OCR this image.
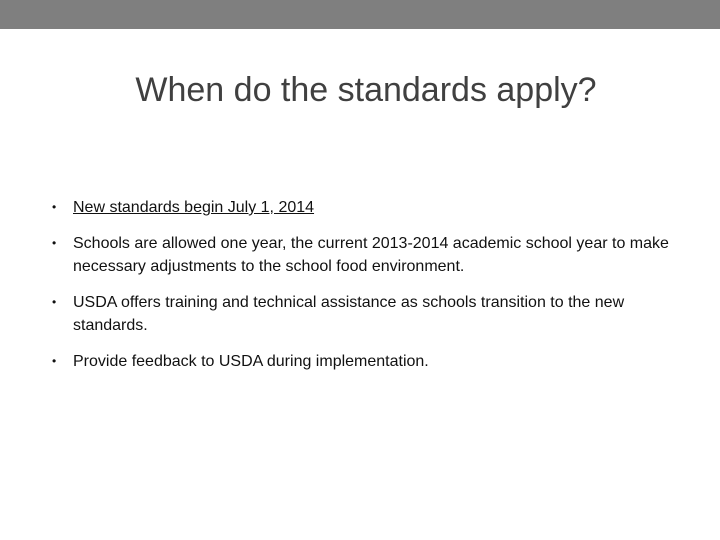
When do the standards apply?
• New standards begin July 1, 2014
• Schools are allowed one year, the current 2013-2014 academic school year to make necessary adjustments to the school food environment.
• USDA offers training and technical assistance as schools transition to the new standards.
• Provide feedback to USDA during implementation.
